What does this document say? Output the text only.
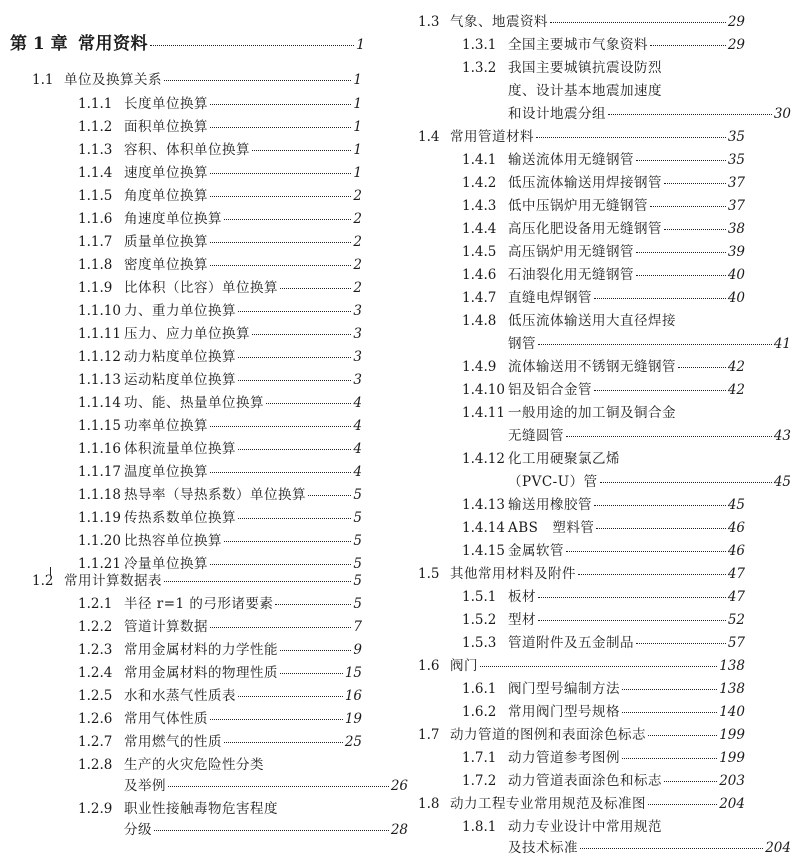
第 1 章 常用资料	1
1.1 单位及换算关系	1
1.1.1 长度单位换算	1
1.1.2 面积单位换算	1
1.1.3 容积、体积单位换算	1
1.1.4 速度单位换算	1
1.1.5 角度单位换算	2
1.1.6 角速度单位换算	2
1.1.7 质量单位换算	2
1.1.8 密度单位换算	2
1.1.9 比体积（比容）单位换算	2
1.1.10 力、重力单位换算	3
1.1.11 压力、应力单位换算	3
1.1.12 动力粘度单位换算	3
1.1.13 运动粘度单位换算	3
1.1.14 功、能、热量单位换算	4
1.1.15 功率单位换算	4
1.1.16 体积流量单位换算	4
1.1.17 温度单位换算	4
1.1.18 热导率（导热系数）单位换算	5
1.1.19 传热系数单位换算	5
1.1.20 比热容单位换算	5
1.1.21 冷量单位换算	5
1.2 常用计算数据表	5
1.2.1 半径 r=1 的弓形诸要素	5
1.2.2 管道计算数据	7
1.2.3 常用金属材料的力学性能	9
1.2.4 常用金属材料的物理性质	15
1.2.5 水和水蒸气性质表	16
1.2.6 常用气体性质	19
1.2.7 常用燃气的性质	25
1.2.8 生产的火灾危险性分类
及举例	26
1.2.9 职业性接触毒物危害程度
分级	28
1.3 气象、地震资料	29
1.3.1 全国主要城市气象资料	29
1.3.2 我国主要城镇抗震设防烈
度、设计基本地震加速度
和设计地震分组	30
1.4 常用管道材料	35
1.4.1 输送流体用无缝钢管	35
1.4.2 低压流体输送用焊接钢管	37
1.4.3 低中压锅炉用无缝钢管	37
1.4.4 高压化肥设备用无缝钢管	38
1.4.5 高压锅炉用无缝钢管	39
1.4.6 石油裂化用无缝钢管	40
1.4.7 直缝电焊钢管	40
1.4.8 低压流体输送用大直径焊接
钢管	41
1.4.9 流体输送用不锈钢无缝钢管	42
1.4.10 铝及铝合金管	42
1.4.11 一般用途的加工铜及铜合金
无缝圆管	43
1.4.12 化工用硬聚氯乙烯
（PVC-U）管	45
1.4.13 输送用橡胶管	45
1.4.14 ABS　塑料管	46
1.4.15 金属软管	46
1.5 其他常用材料及附件	47
1.5.1 板材	47
1.5.2 型材	52
1.5.3 管道附件及五金制品	57
1.6 阀门	138
1.6.1 阀门型号编制方法	138
1.6.2 常用阀门型号规格	140
1.7 动力管道的图例和表面涂色标志	199
1.7.1 动力管道参考图例	199
1.7.2 动力管道表面涂色和标志	203
1.8 动力工程专业常用规范及标准图	204
1.8.1 动力专业设计中常用规范
及技术标准	204
